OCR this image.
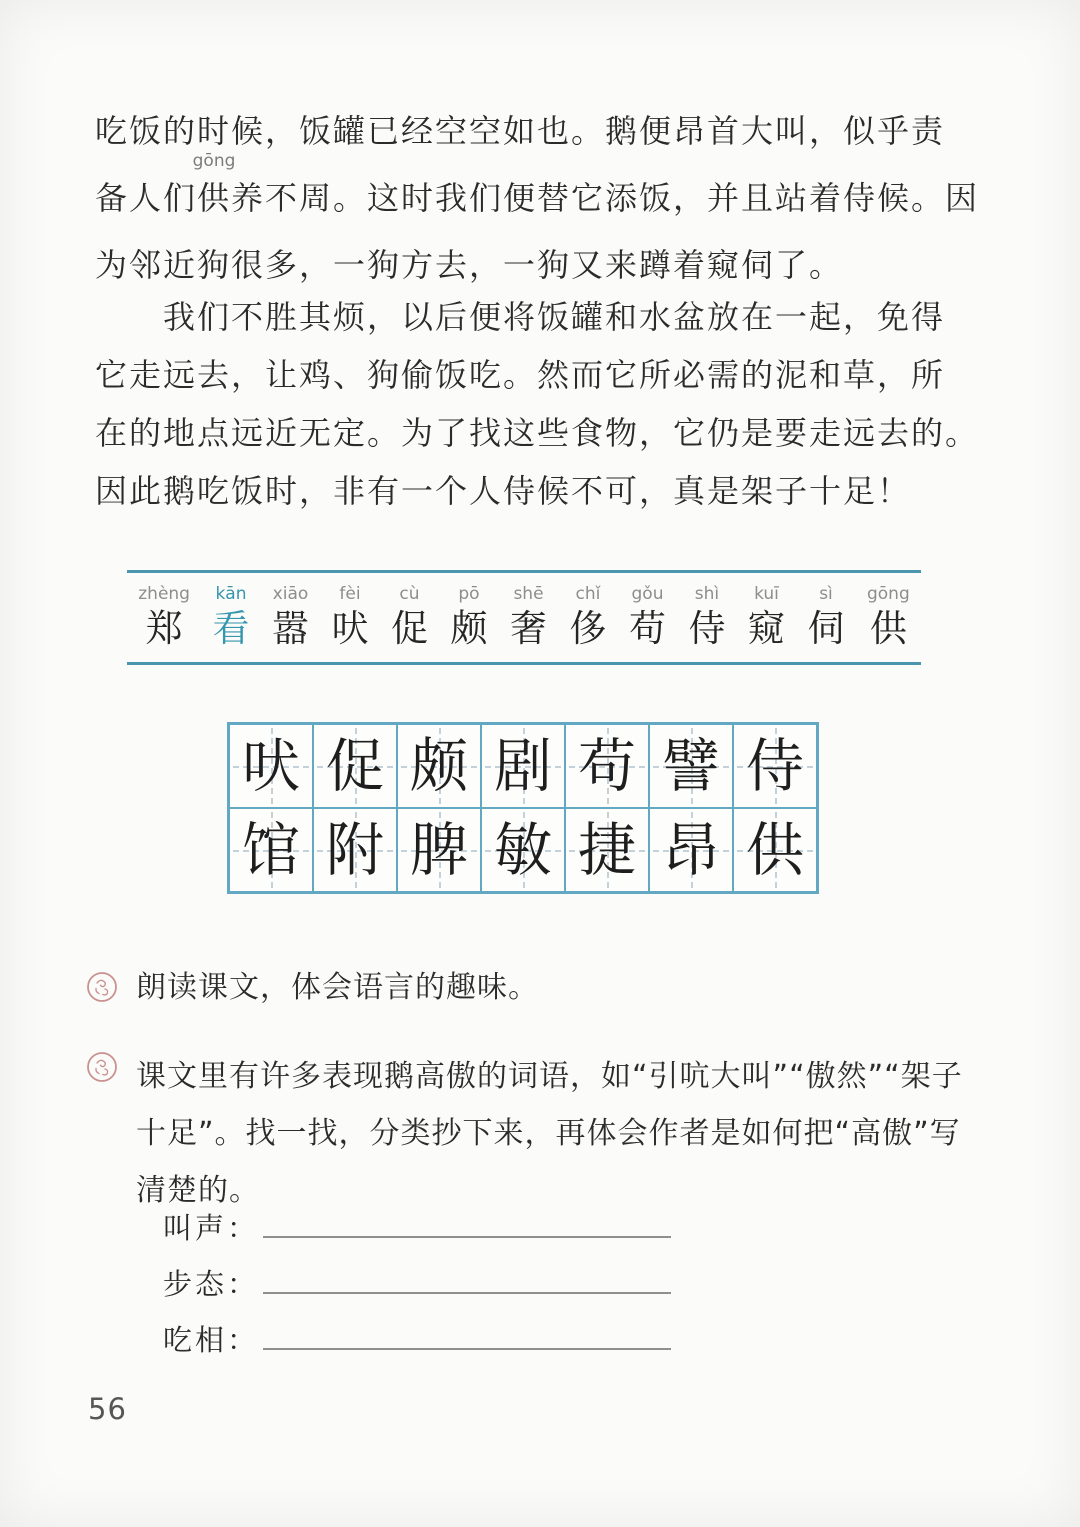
吃饭的时候，饭罐已经空空如也。鹅便昂首大叫，似乎责
备人们
gōng
供养不周。这时我们便替它添饭，并且站着侍候。因
为邻近狗很多，一狗方去，一狗又来蹲着窥伺了。
我们不胜其烦，以后便将饭罐和水盆放在一起，免得
它走远去，让鸡、狗偷饭吃。然而它所必需的泥和草，所
在的地点远近无定。为了找这些食物，它仍是要走远去的。
因此鹅吃饭时，非有一个人侍候不可，真是架子十足！
zhèng
郑
kān
看
xiāo
嚣
fèi
吠
cù
促
pō
颇
shē
奢
chǐ
侈
gǒu
苟
shì
侍
kuī
窥
sì
伺
gōng
供
吠 促 颇 剧 苟 譬 侍
馆 附 脾 敏 捷 昂 供
朗读课文，体会语言的趣味。
课文里有许多表现鹅高傲的词语，如“引吭大叫”“傲然”“架子
十足”。找一找，分类抄下来，再体会作者是如何把“高傲”写
清楚的。
叫声：
步态：
吃相：
56
